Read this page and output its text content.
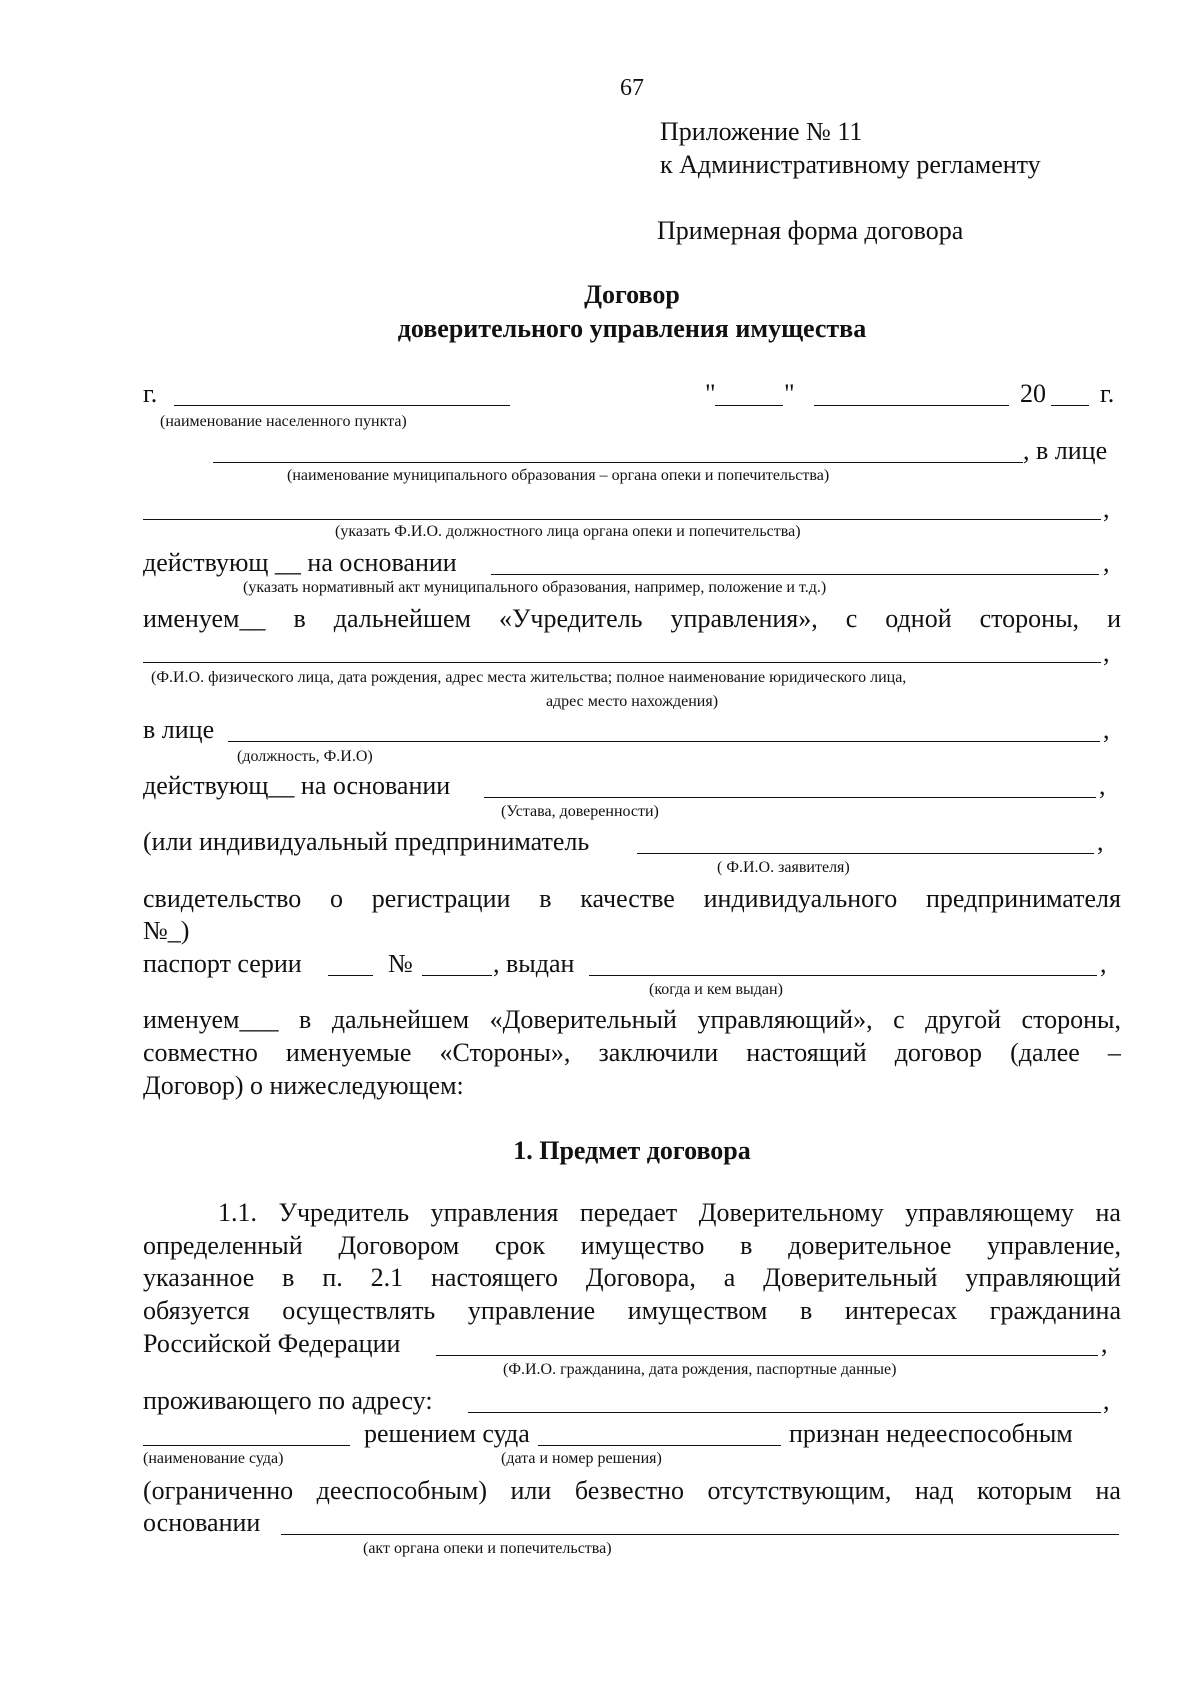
67
Приложение № 11
к Административному регламенту
Примерная форма договора
Договор
доверительного управления имущества
г.
(наименование населенного пункта)
"	"	20 г.
, в лице
(наименование муниципального образования – органа опеки и попечительства)
,
(указать Ф.И.О. должностного лица органа опеки и попечительства)
действующ __ на основании	,
(указать нормативный акт муниципального образования, например, положение и т.д.)
именуем__ в дальнейшем «Учредитель управления», с одной стороны, и
,
(Ф.И.О. физического лица, дата рождения, адрес места жительства; полное наименование юридического лица,
адрес место нахождения)
в лице	,
(должность, Ф.И.О)
действующ__ на основании	,
(Устава, доверенности)
(или индивидуальный предприниматель	,
( Ф.И.О. заявителя)
свидетельство о регистрации в качестве индивидуального предпринимателя
№_)
паспорт серии	№	, выдан	,
(когда и кем выдан)
именуем___ в дальнейшем «Доверительный управляющий», с другой стороны,
совместно именуемые «Стороны», заключили настоящий договор (далее –
Договор) о нижеследующем:
1. Предмет договора
1.1. Учредитель управления передает Доверительному управляющему на
определенный Договором срок имущество в доверительное управление,
указанное в п. 2.1 настоящего Договора, а Доверительный управляющий
обязуется осуществлять управление имуществом в интересах гражданина
Российской Федерации	,
(Ф.И.О. гражданина, дата рождения, паспортные данные)
проживающего по адресу:	,
решением суда	признан недееспособным
(наименование суда)	(дата и номер решения)
(ограниченно дееспособным) или безвестно отсутствующим, над которым на
основании
(акт органа опеки и попечительства)
